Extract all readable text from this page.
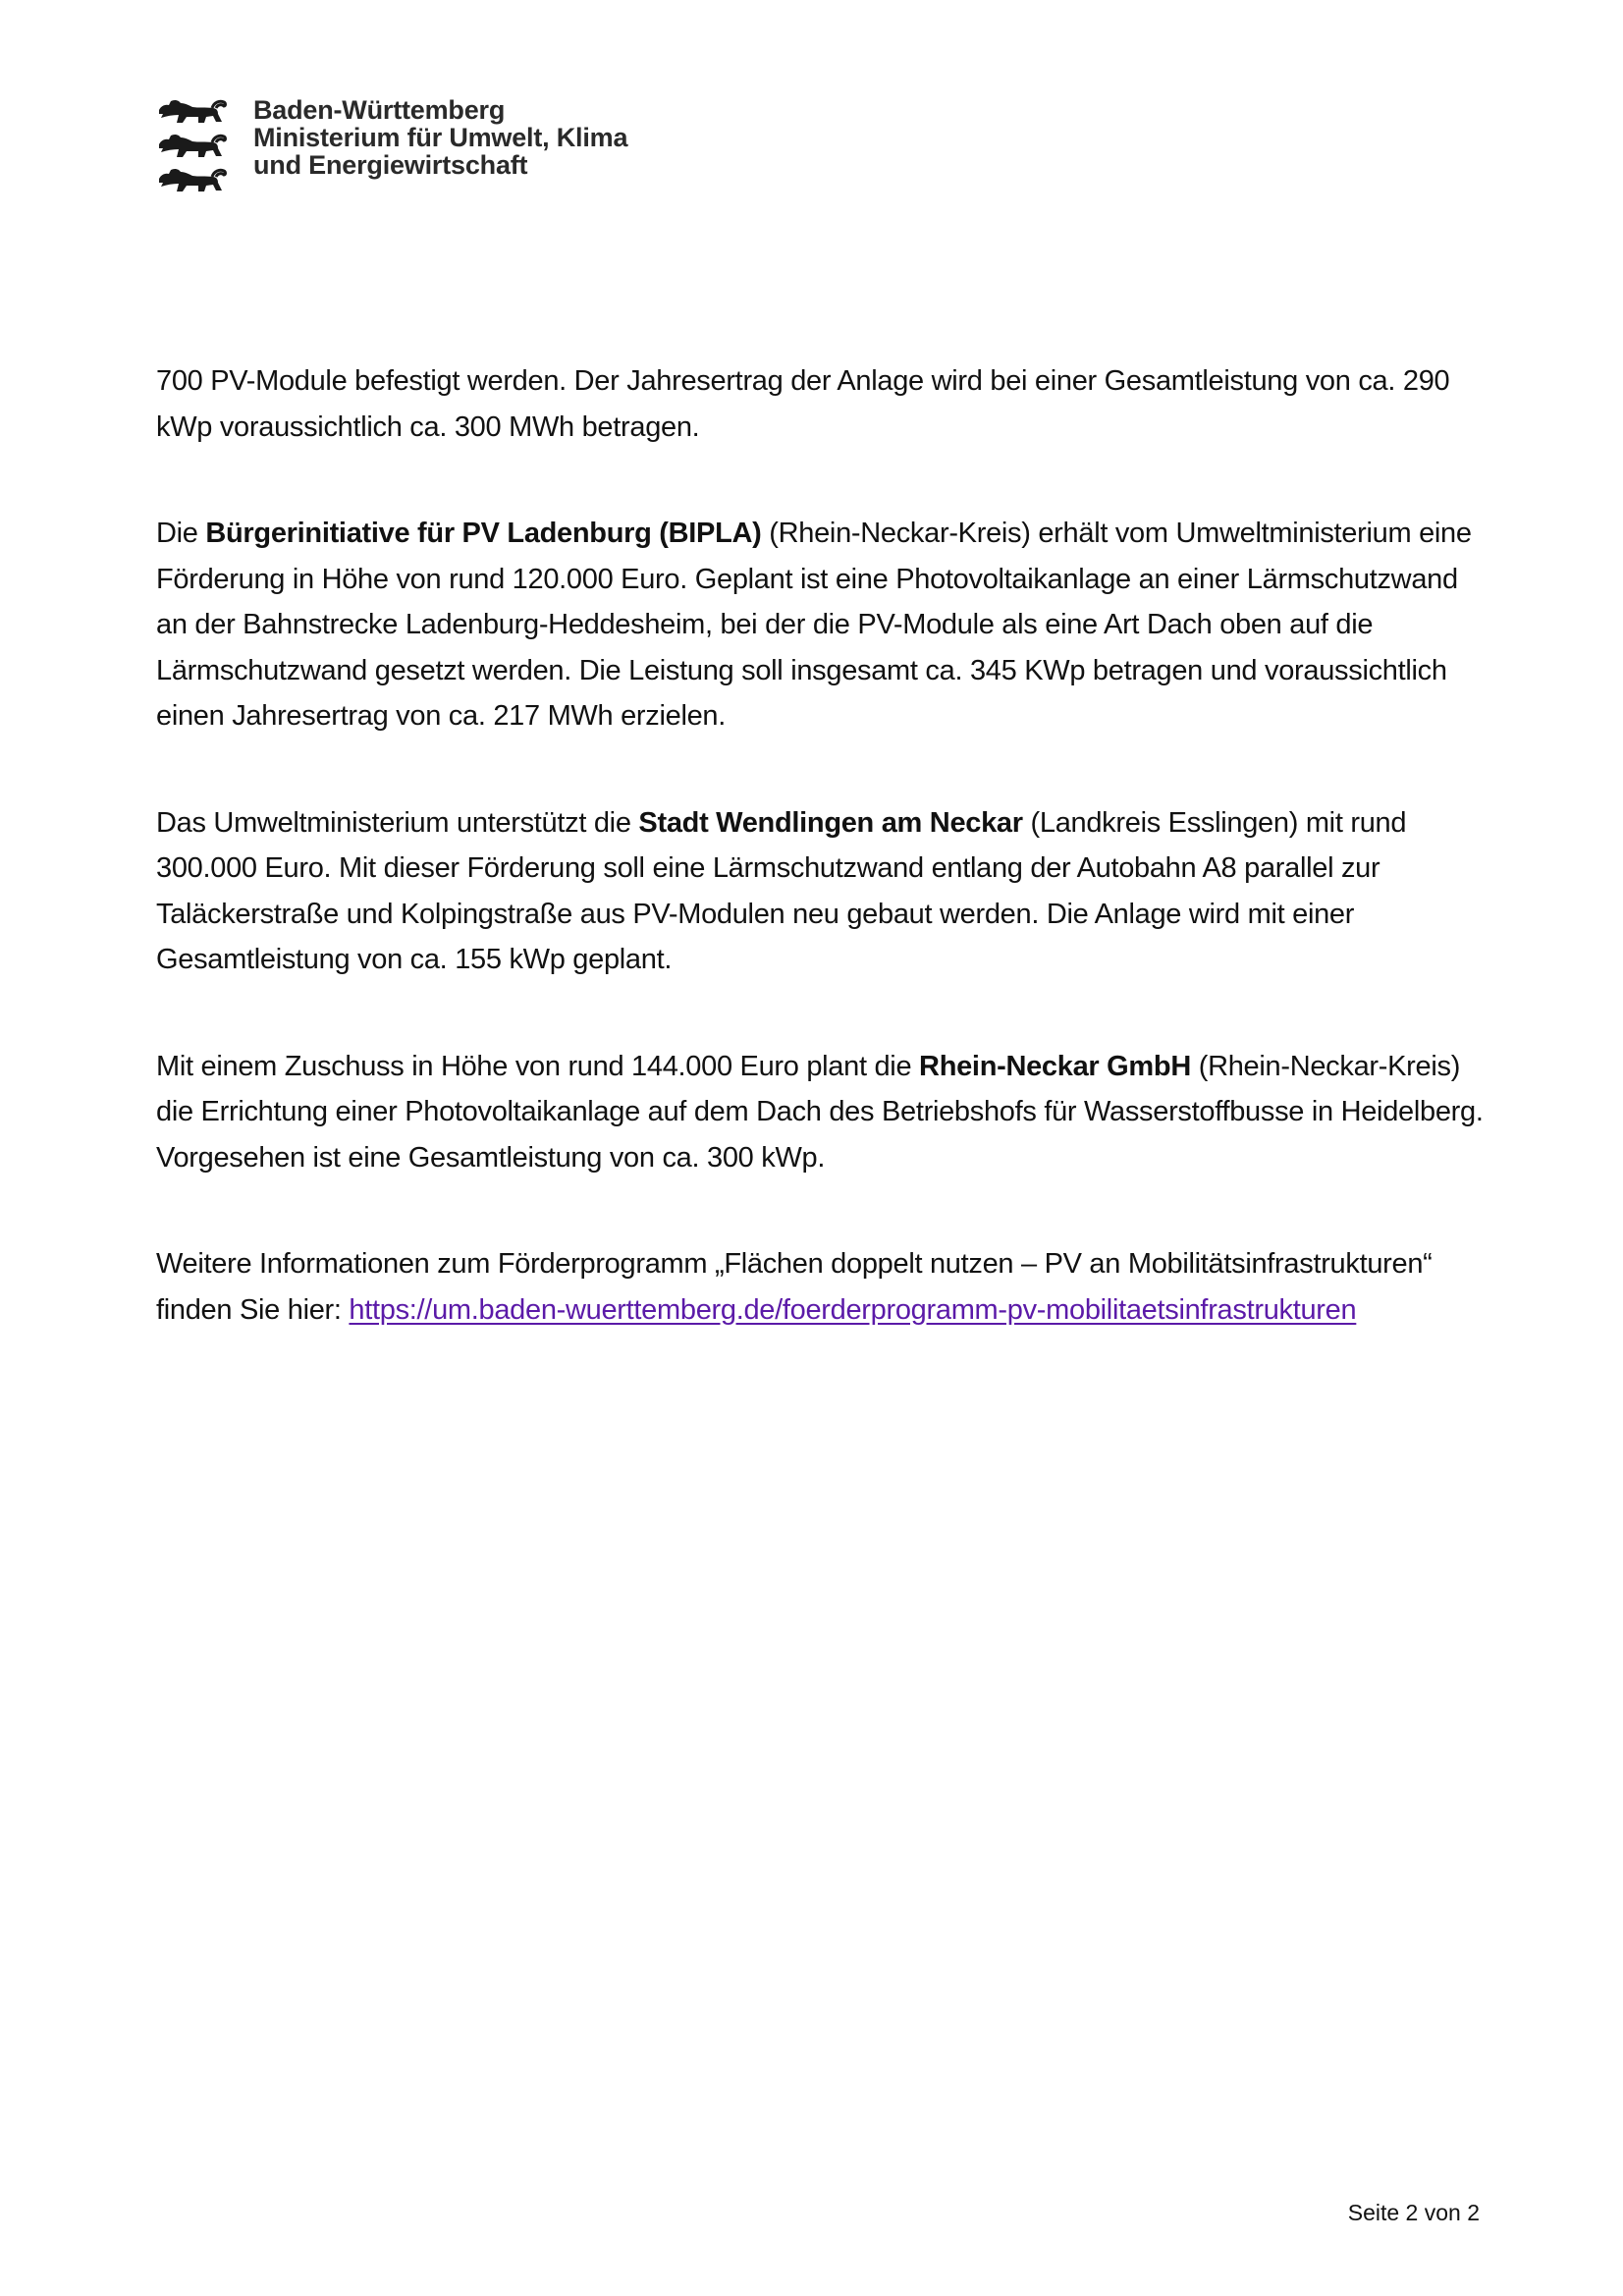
Baden-Württemberg
Ministerium für Umwelt, Klima
und Energiewirtschaft

700 PV-Module befestigt werden. Der Jahresertrag der Anlage wird bei einer Gesamtleistung von ca. 290 kWp voraussichtlich ca. 300 MWh betragen.

Die Bürgerinitiative für PV Ladenburg (BIPLA) (Rhein-Neckar-Kreis) erhält vom Umweltministerium eine Förderung in Höhe von rund 120.000 Euro. Geplant ist eine Photovoltaikanlage an einer Lärmschutzwand an der Bahnstrecke Ladenburg-Heddesheim, bei der die PV-Module als eine Art Dach oben auf die Lärmschutzwand gesetzt werden. Die Leistung soll insgesamt ca. 345 KWp betragen und voraussichtlich einen Jahresertrag von ca. 217 MWh erzielen.

Das Umweltministerium unterstützt die Stadt Wendlingen am Neckar (Landkreis Esslingen) mit rund 300.000 Euro. Mit dieser Förderung soll eine Lärmschutzwand entlang der Autobahn A8 parallel zur Taläckerstraße und Kolpingstraße aus PV-Modulen neu gebaut werden. Die Anlage wird mit einer Gesamtleistung von ca. 155 kWp geplant.

Mit einem Zuschuss in Höhe von rund 144.000 Euro plant die Rhein-Neckar GmbH (Rhein-Neckar-Kreis) die Errichtung einer Photovoltaikanlage auf dem Dach des Betriebshofs für Wasserstoffbusse in Heidelberg. Vorgesehen ist eine Gesamtleistung von ca. 300 kWp.

Weitere Informationen zum Förderprogramm „Flächen doppelt nutzen – PV an Mobilitätsinfrastrukturen“ finden Sie hier: https://um.baden-wuerttemberg.de/foerderprogramm-pv-mobilitaetsinfrastrukturen

Seite 2 von 2
